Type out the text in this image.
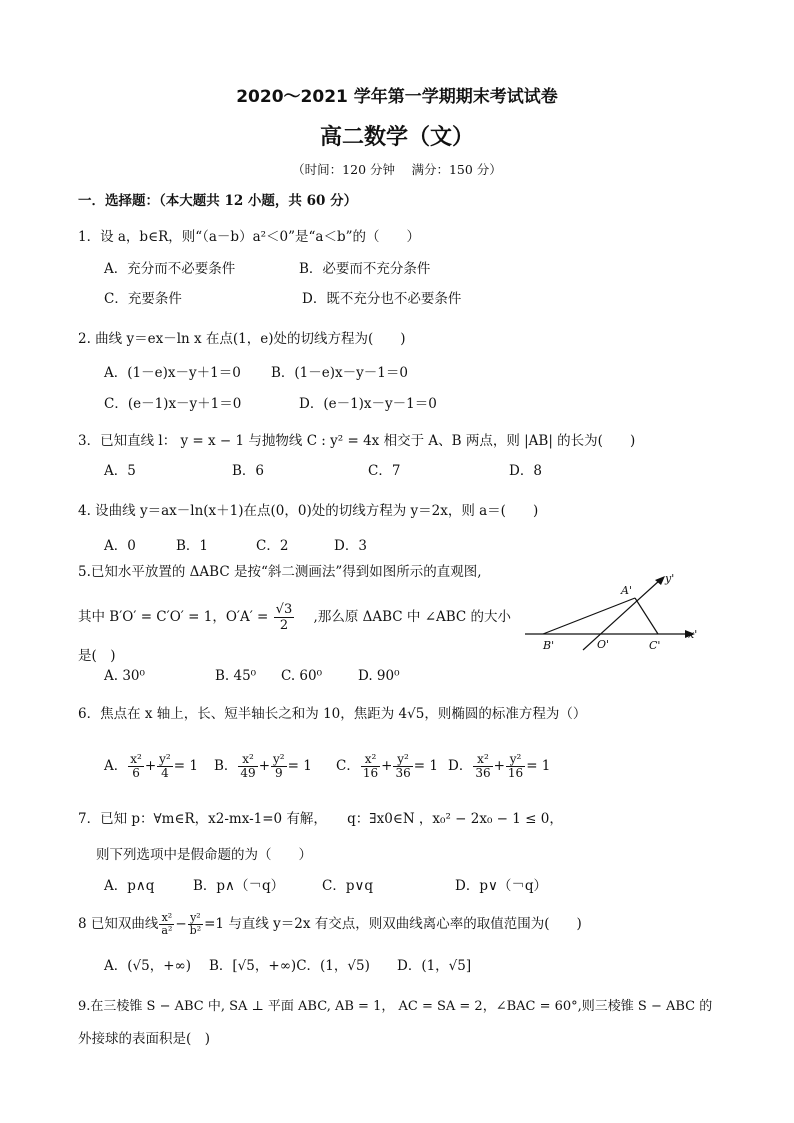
2020～2021 学年第一学期期末考试试卷
高二数学（文）
（时间：120 分钟　 满分：150 分）
一．选择题：（本大题共 12 小题，共 60 分）
1．设 a，b∈R，则“（a－b）a²＜0”是“a＜b”的（　　）
A．充分而不必要条件	B．必要而不充分条件
C．充要条件	D．既不充分也不必要条件
2. 曲线 y＝ex－ln x 在点(1，e)处的切线方程为(　　)
A．(1－e)x－y＋1＝0 B．(1－e)x－y－1＝0
C．(e－1)x－y＋1＝0	D．(e－1)x－y－1＝0
3．已知直线 l： y = x − 1 与抛物线 C : y² = 4x 相交于 A、B 两点，则 |AB| 的长为(　　)
A．5	B．6	C．7	D．8
4. 设曲线 y＝ax－ln(x＋1)在点(0，0)处的切线方程为 y＝2x，则 a＝(　　)
A．0	B．1	C．2	D．3
5.已知水平放置的 ΔABC 是按“斜二测画法”得到如图所示的直观图,
其中 B′O′ = C′O′ = 1，$O'A' = \frac{√3}{2}$ ,那么原 ΔABC 中 ∠ABC 的大小
是(　)
A. 30⁰	B. 45⁰ C. 60⁰	D. 90⁰
A'
B'	O'	C'
x'
y'
6．焦点在 x 轴上，长、短半轴长之和为 10，焦距为 4√5，则椭圆的标准方程为（）
A． $\frac{\text{x²}}{6} + \frac{\text{y²}}{4} = 1$ B． $\frac{\text{x²}}{49} + \frac{\text{y²}}{9} = 1$ C． $\frac{\text{x²}}{16} + \frac{\text{y²}}{36} = 1$ D． $\frac{\text{x²}}{36} + \frac{\text{y²}}{16} = 1$
7．已知 p：∀m∈R，x2-mx-1=0 有解，　　q：∃x0∈N ，x₀² − 2x₀ − 1 ≤ 0，
则下列选项中是假命题的为（　　）
A．p∧q	B．p∧（￢q）	C．p∨q	D．p∨（￢q）
8 已知双曲线 $\frac{\text{x²}}{\text{a²}} - \frac{\text{y²}}{\text{b²}} =1$ 与直线 y＝2x 有交点，则双曲线离心率的取值范围为(　　)
A．(√5，+∞) B．[√5，+∞)C．(1，√5) D．(1，√5]
9.在三棱锥 S − ABC 中, SA ⊥ 平面 ABC, AB = 1， AC = SA = 2，∠BAC = 60°,则三棱锥 S − ABC 的
外接球的表面积是(　)
